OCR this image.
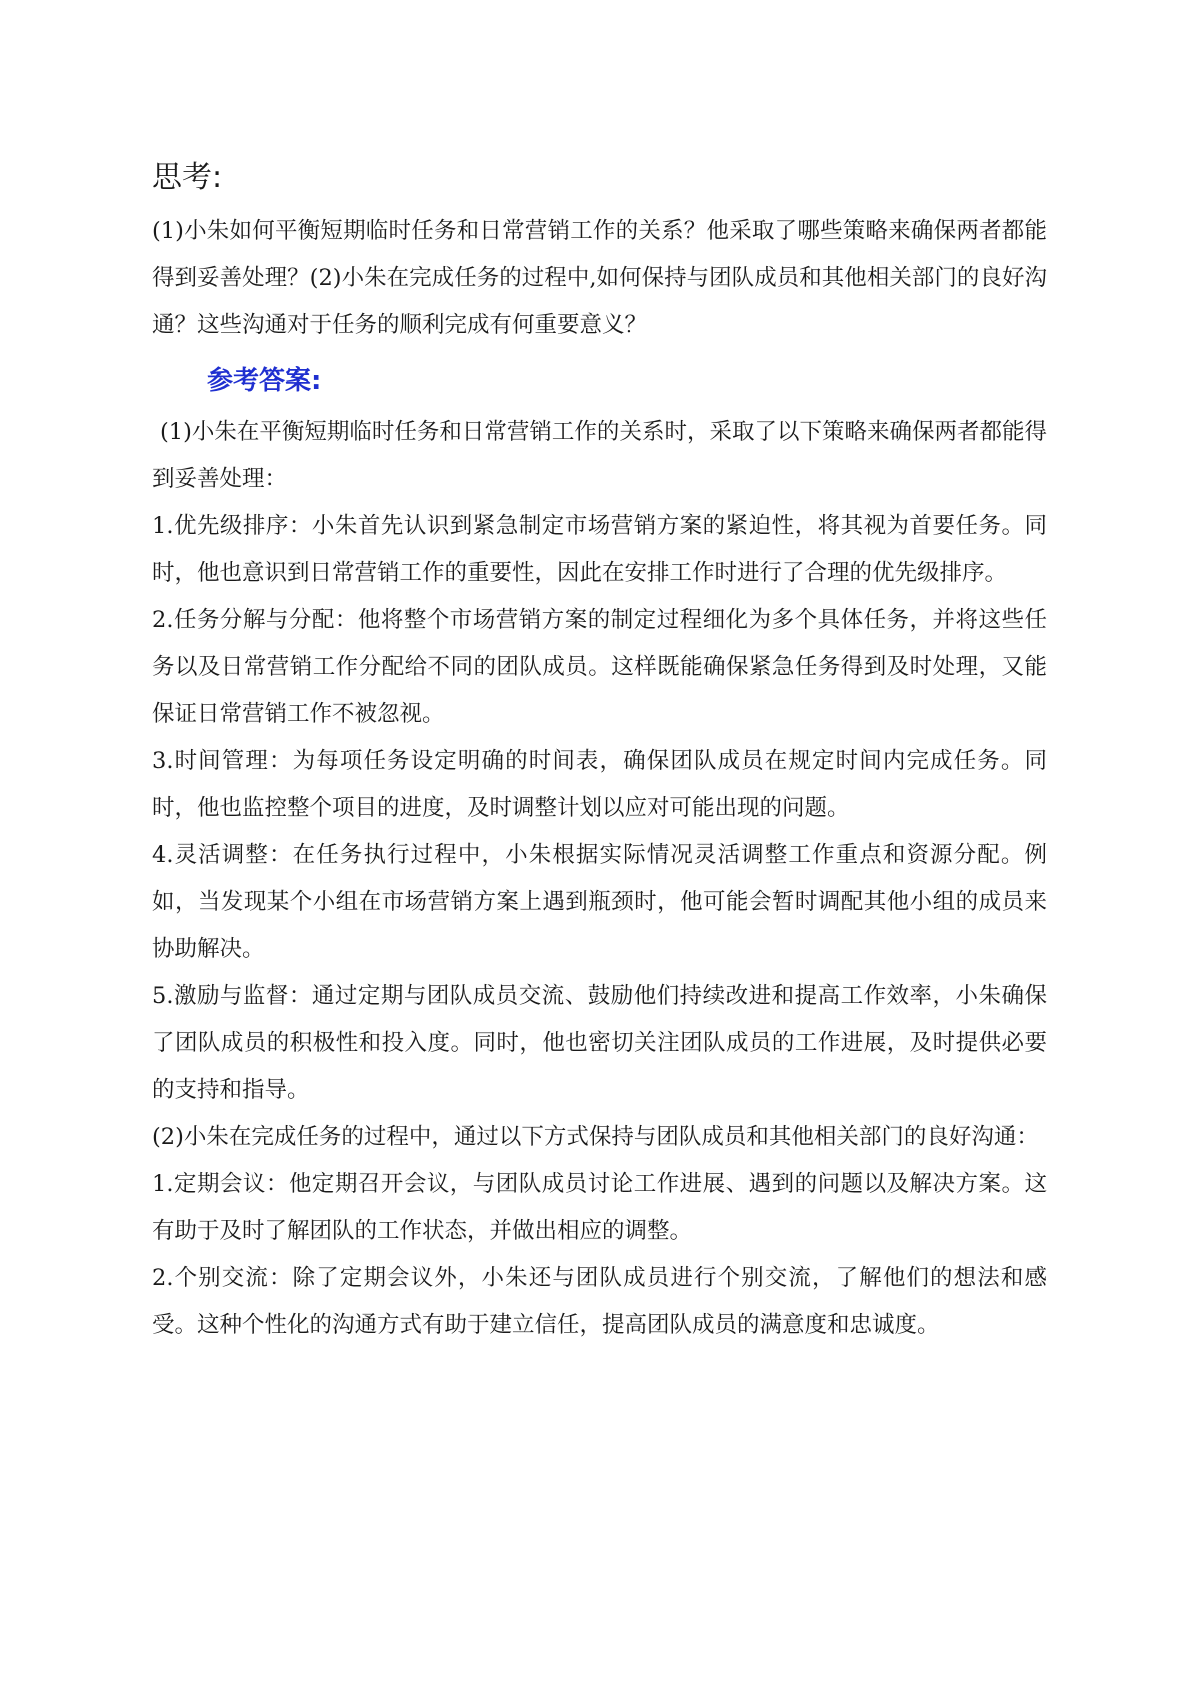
思考:

(1)小朱如何平衡短期临时任务和日常营销工作的关系？他采取了哪些策略来确保两者都能得到妥善处理？(2)小朱在完成任务的过程中,如何保持与团队成员和其他相关部门的良好沟通？这些沟通对于任务的顺利完成有何重要意义？

参考答案:

(1)小朱在平衡短期临时任务和日常营销工作的关系时，采取了以下策略来确保两者都能得到妥善处理：

1.优先级排序：小朱首先认识到紧急制定市场营销方案的紧迫性，将其视为首要任务。同时，他也意识到日常营销工作的重要性，因此在安排工作时进行了合理的优先级排序。

2.任务分解与分配：他将整个市场营销方案的制定过程细化为多个具体任务，并将这些任务以及日常营销工作分配给不同的团队成员。这样既能确保紧急任务得到及时处理，又能保证日常营销工作不被忽视。

3.时间管理：为每项任务设定明确的时间表，确保团队成员在规定时间内完成任务。同时，他也监控整个项目的进度，及时调整计划以应对可能出现的问题。

4.灵活调整：在任务执行过程中，小朱根据实际情况灵活调整工作重点和资源分配。例如，当发现某个小组在市场营销方案上遇到瓶颈时，他可能会暂时调配其他小组的成员来协助解决。

5.激励与监督：通过定期与团队成员交流、鼓励他们持续改进和提高工作效率，小朱确保了团队成员的积极性和投入度。同时，他也密切关注团队成员的工作进展，及时提供必要的支持和指导。

(2)小朱在完成任务的过程中，通过以下方式保持与团队成员和其他相关部门的良好沟通：

1.定期会议：他定期召开会议，与团队成员讨论工作进展、遇到的问题以及解决方案。这有助于及时了解团队的工作状态，并做出相应的调整。

2.个别交流：除了定期会议外，小朱还与团队成员进行个别交流，了解他们的想法和感受。这种个性化的沟通方式有助于建立信任，提高团队成员的满意度和忠诚度。
